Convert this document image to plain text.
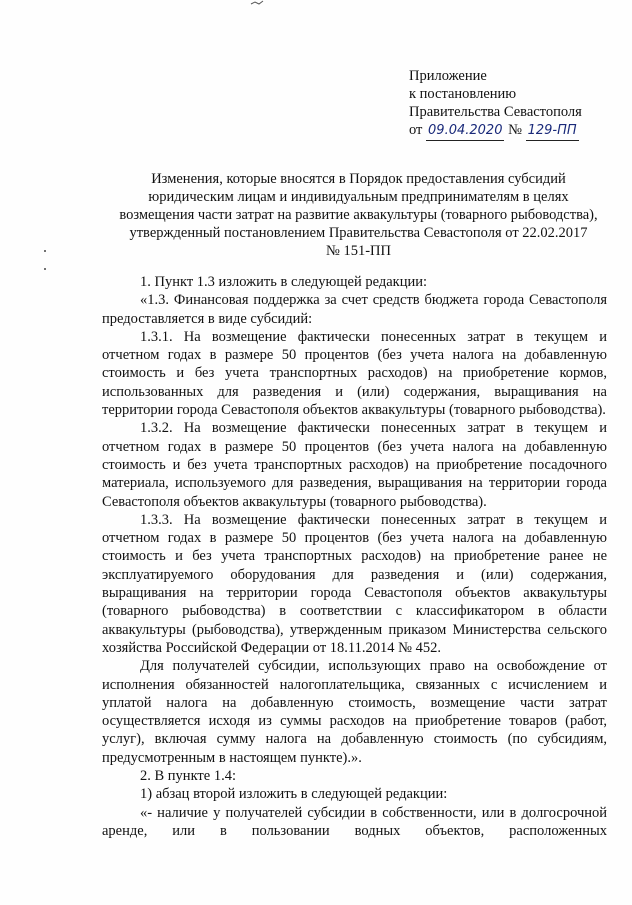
Приложение
к постановлению
Правительства Севастополя
от 09.04.2020 № 129-ПП
Изменения, которые вносятся в Порядок предоставления субсидий
юридическим лицам и индивидуальным предпринимателям в целях
возмещения части затрат на развитие аквакультуры (товарного рыбоводства),
утвержденный постановлением Правительства Севастополя от 22.02.2017
№ 151-ПП

1. Пункт 1.3 изложить в следующей редакции:

«1.3. Финансовая поддержка за счет средств бюджета города Севастополя предоставляется в виде субсидий:

1.3.1. На возмещение фактически понесенных затрат в текущем и отчетном годах в размере 50 процентов (без учета налога на добавленную стоимость и без учета транспортных расходов) на приобретение кормов, использованных для разведения и (или) содержания, выращивания на территории города Севастополя объектов аквакультуры (товарного рыбоводства).

1.3.2. На возмещение фактически понесенных затрат в текущем и отчетном годах в размере 50 процентов (без учета налога на добавленную стоимость и без учета транспортных расходов) на приобретение посадочного материала, используемого для разведения, выращивания на территории города Севастополя объектов аквакультуры (товарного рыбоводства).

1.3.3. На возмещение фактически понесенных затрат в текущем и отчетном годах в размере 50 процентов (без учета налога на добавленную стоимость и без учета транспортных расходов) на приобретение ранее не эксплуатируемого оборудования для разведения и (или) содержания, выращивания на территории города Севастополя объектов аквакультуры (товарного рыбоводства) в соответствии с классификатором в области аквакультуры (рыбоводства), утвержденным приказом Министерства сельского хозяйства Российской Федерации от 18.11.2014 № 452.

Для получателей субсидии, использующих право на освобождение от исполнения обязанностей налогоплательщика, связанных с исчислением и уплатой налога на добавленную стоимость, возмещение части затрат осуществляется исходя из суммы расходов на приобретение товаров (работ, услуг), включая сумму налога на добавленную стоимость (по субсидиям, предусмотренным в настоящем пункте).».

2. В пункте 1.4:

1) абзац второй изложить в следующей редакции:

«- наличие у получателей субсидии в собственности, или в долгосрочной аренде, или в пользовании водных объектов, расположенных
